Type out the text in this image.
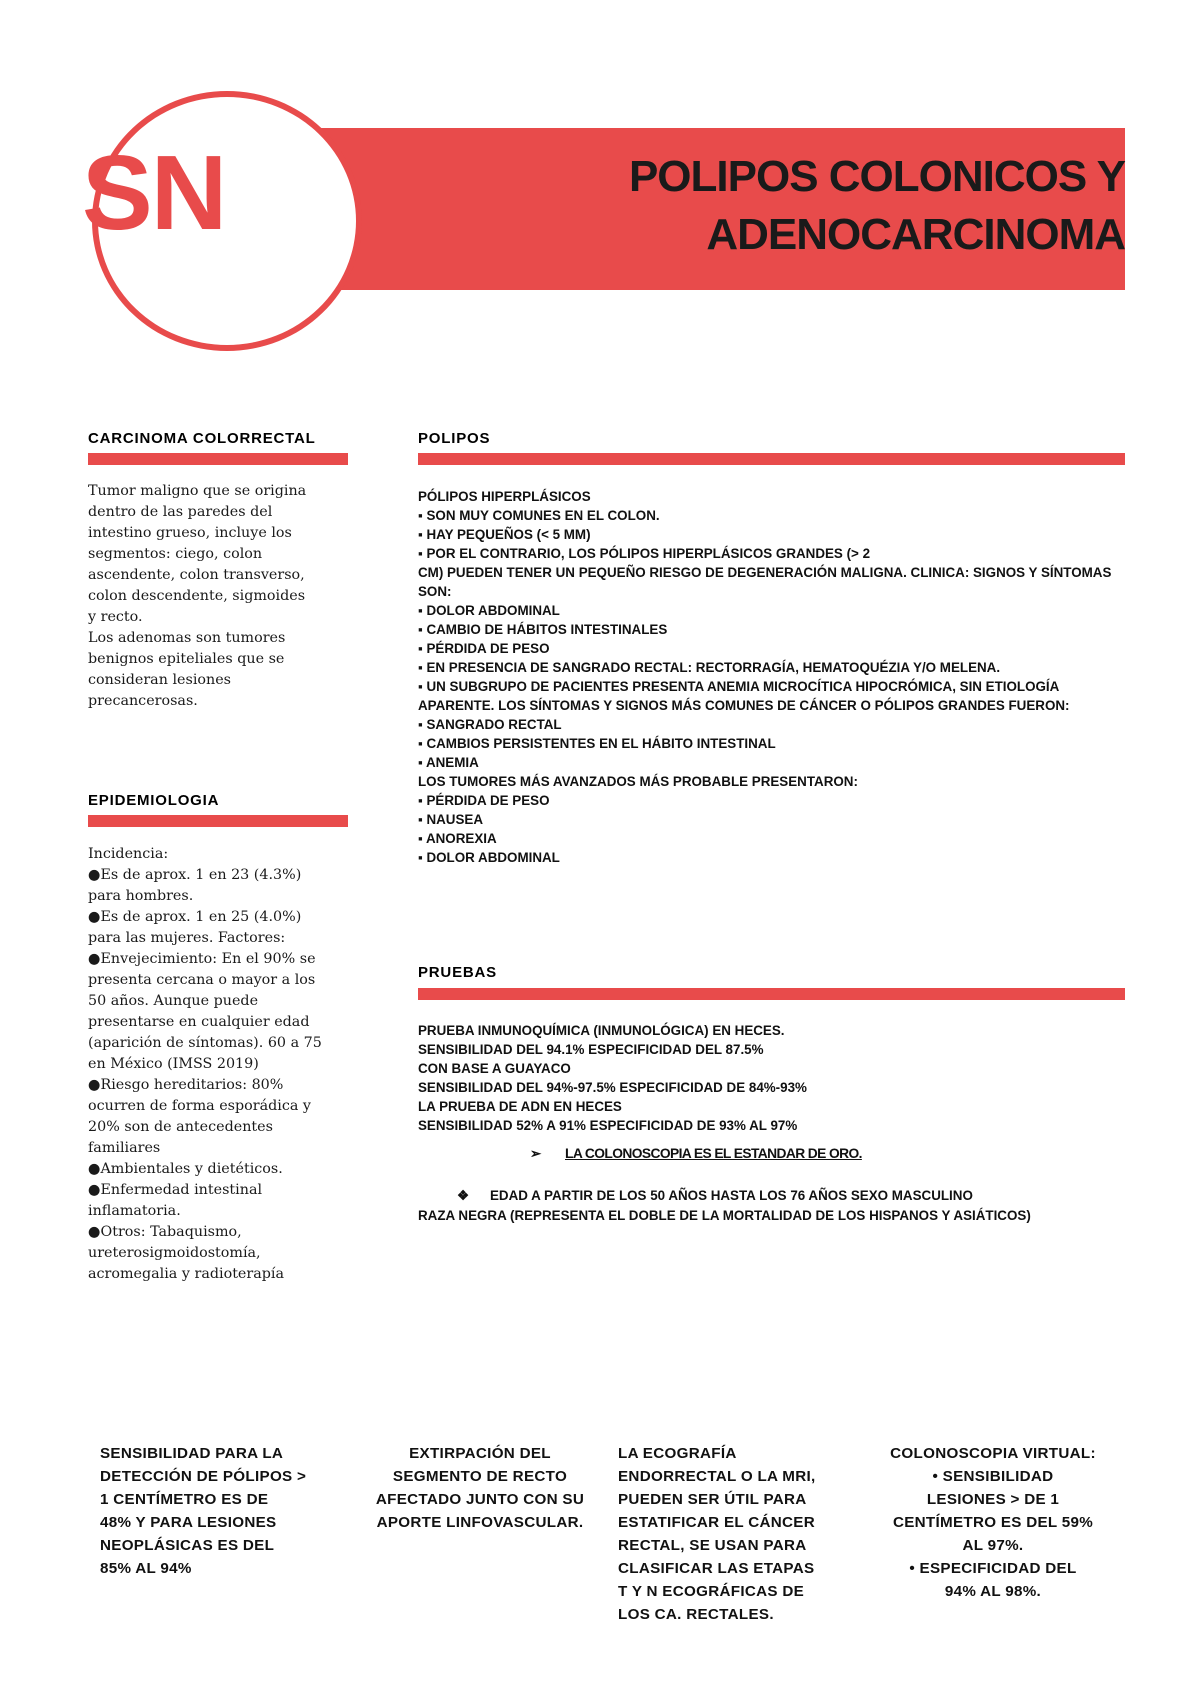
SN	POLIPOS COLONICOS Y
ADENOCARCINOMA
CARCINOMA COLORRECTAL
Tumor maligno que se origina
dentro de las paredes del
intestino grueso, incluye los
segmentos: ciego, colon
ascendente, colon transverso,
colon descendente, sigmoides
y recto.
Los adenomas son tumores
benignos epiteliales que se
consideran lesiones
precancerosas.
EPIDEMIOLOGIA
Incidencia:
●Es de aprox. 1 en 23 (4.3%)
para hombres.
●Es de aprox. 1 en 25 (4.0%)
para las mujeres. Factores:
●Envejecimiento: En el 90% se
presenta cercana o mayor a los
50 años. Aunque puede
presentarse en cualquier edad
(aparición de síntomas). 60 a 75
en México (IMSS 2019)
●Riesgo hereditarios: 80%
ocurren de forma esporádica y
20% son de antecedentes
familiares
●Ambientales y dietéticos.
●Enfermedad intestinal
inflamatoria.
●Otros: Tabaquismo,
ureterosigmoidostomía,
acromegalia y radioterapía
POLIPOS
PÓLIPOS HIPERPLÁSICOS
▪ SON MUY COMUNES EN EL COLON.
▪ HAY PEQUEÑOS (< 5 MM)
▪ POR EL CONTRARIO, LOS PÓLIPOS HIPERPLÁSICOS GRANDES (> 2
CM) PUEDEN TENER UN PEQUEÑO RIESGO DE DEGENERACIÓN MALIGNA. CLINICA: SIGNOS Y SÍNTOMAS
SON:
▪ DOLOR ABDOMINAL
▪ CAMBIO DE HÁBITOS INTESTINALES
▪ PÉRDIDA DE PESO
▪ EN PRESENCIA DE SANGRADO RECTAL: RECTORRAGÍA, HEMATOQUÉZIA Y/O MELENA.
▪ UN SUBGRUPO DE PACIENTES PRESENTA ANEMIA MICROCÍTICA HIPOCRÓMICA, SIN ETIOLOGÍA
APARENTE. LOS SÍNTOMAS Y SIGNOS MÁS COMUNES DE CÁNCER O PÓLIPOS GRANDES FUERON:
▪ SANGRADO RECTAL
▪ CAMBIOS PERSISTENTES EN EL HÁBITO INTESTINAL
▪ ANEMIA
LOS TUMORES MÁS AVANZADOS MÁS PROBABLE PRESENTARON:
▪ PÉRDIDA DE PESO
▪ NAUSEA
▪ ANOREXIA
▪ DOLOR ABDOMINAL
PRUEBAS
PRUEBA INMUNOQUÍMICA (INMUNOLÓGICA) EN HECES.
SENSIBILIDAD DEL 94.1% ESPECIFICIDAD DEL 87.5%
CON BASE A GUAYACO
SENSIBILIDAD DEL 94%-97.5% ESPECIFICIDAD DE 84%-93%
LA PRUEBA DE ADN EN HECES
SENSIBILIDAD 52% A 91% ESPECIFICIDAD DE 93% AL 97%
➢ LA COLONOSCOPIA ES EL ESTANDAR DE ORO.
❖ EDAD A PARTIR DE LOS 50 AÑOS HASTA LOS 76 AÑOS SEXO MASCULINO
RAZA NEGRA (REPRESENTA EL DOBLE DE LA MORTALIDAD DE LOS HISPANOS Y ASIÁTICOS)
SENSIBILIDAD PARA LA
DETECCIÓN DE PÓLIPOS >
1 CENTÍMETRO ES DE
48% Y PARA LESIONES
NEOPLÁSICAS ES DEL
85% AL 94%
EXTIRPACIÓN DEL
SEGMENTO DE RECTO
AFECTADO JUNTO CON SU
APORTE LINFOVASCULAR.
LA ECOGRAFÍA
ENDORRECTAL O LA MRI,
PUEDEN SER ÚTIL PARA
ESTATIFICAR EL CÁNCER
RECTAL, SE USAN PARA
CLASIFICAR LAS ETAPAS
T Y N ECOGRÁFICAS DE
LOS CA. RECTALES.
COLONOSCOPIA VIRTUAL:
• SENSIBILIDAD
LESIONES > DE 1
CENTÍMETRO ES DEL 59%
AL 97%.
• ESPECIFICIDAD DEL
94% AL 98%.
